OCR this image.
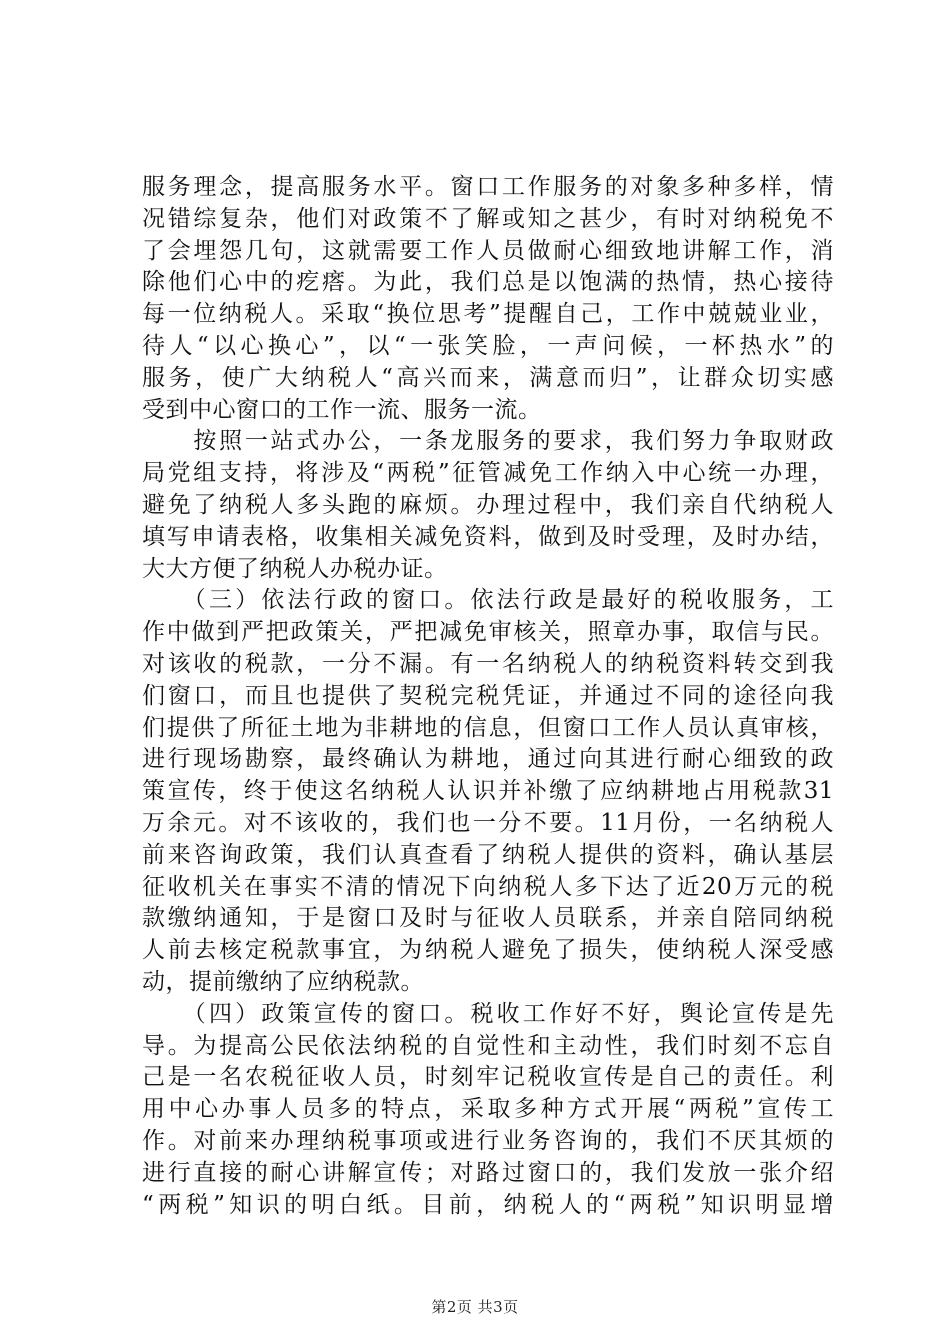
服务理念，提高服务水平。窗口工作服务的对象多种多样，情
况错综复杂，他们对政策不了解或知之甚少，有时对纳税免不
了会埋怨几句，这就需要工作人员做耐心细致地讲解工作，消
除他们心中的疙瘩。为此，我们总是以饱满的热情，热心接待
每一位纳税人。采取“换位思考”提醒自己，工作中兢兢业业，
待人“以心换心”，以“一张笑脸，一声问候，一杯热水”的
服务，使广大纳税人“高兴而来，满意而归”，让群众切实感
受到中心窗口的工作一流、服务一流。

　　按照一站式办公，一条龙服务的要求，我们努力争取财政
局党组支持，将涉及“两税”征管减免工作纳入中心统一办理，
避免了纳税人多头跑的麻烦。办理过程中，我们亲自代纳税人
填写申请表格，收集相关减免资料，做到及时受理，及时办结，
大大方便了纳税人办税办证。

　　（三）依法行政的窗口。依法行政是最好的税收服务，工
作中做到严把政策关，严把减免审核关，照章办事，取信与民。
对该收的税款，一分不漏。有一名纳税人的纳税资料转交到我
们窗口，而且也提供了契税完税凭证，并通过不同的途径向我
们提供了所征土地为非耕地的信息，但窗口工作人员认真审核，
进行现场勘察，最终确认为耕地，通过向其进行耐心细致的政
策宣传，终于使这名纳税人认识并补缴了应纳耕地占用税款31
万余元。对不该收的，我们也一分不要。11月份，一名纳税人
前来咨询政策，我们认真查看了纳税人提供的资料，确认基层
征收机关在事实不清的情况下向纳税人多下达了近20万元的税
款缴纳通知，于是窗口及时与征收人员联系，并亲自陪同纳税
人前去核定税款事宜，为纳税人避免了损失，使纳税人深受感
动，提前缴纳了应纳税款。

　　（四）政策宣传的窗口。税收工作好不好，舆论宣传是先
导。为提高公民依法纳税的自觉性和主动性，我们时刻不忘自
己是一名农税征收人员，时刻牢记税收宣传是自己的责任。利
用中心办事人员多的特点，采取多种方式开展“两税”宣传工
作。对前来办理纳税事项或进行业务咨询的，我们不厌其烦的
进行直接的耐心讲解宣传；对路过窗口的，我们发放一张介绍
“两税”知识的明白纸。目前，纳税人的“两税”知识明显增

第2页 共3页
